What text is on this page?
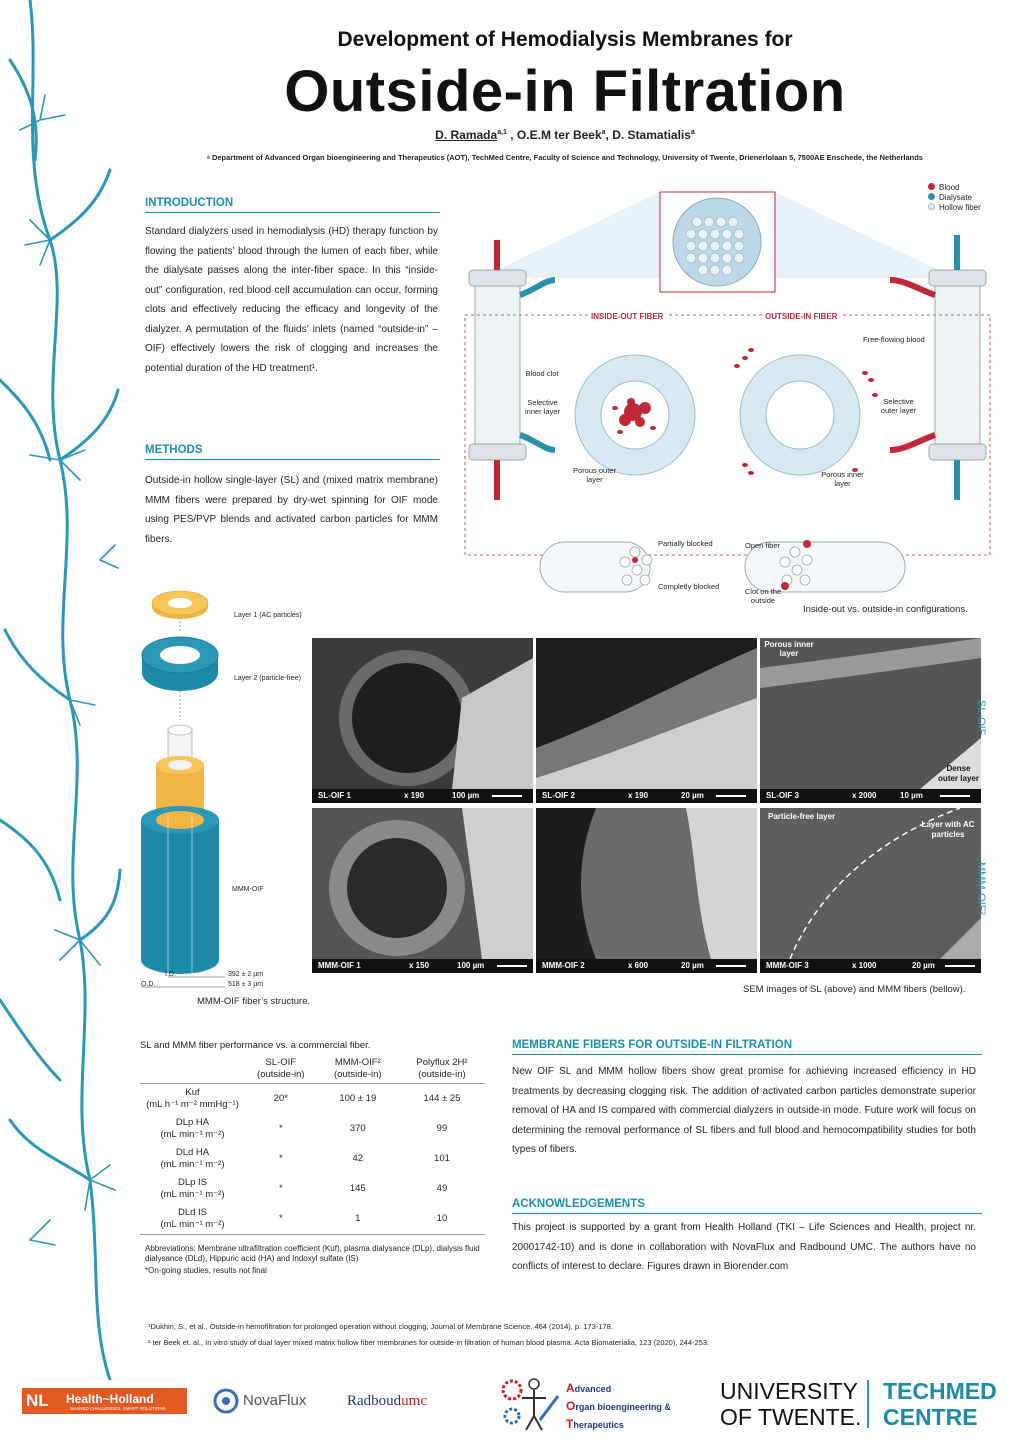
Development of Hemodialysis Membranes for
Outside-in Filtration
D. Ramada$^{a,1}$ , O.E.M ter Beek$^a$, D. Stamatialis$^a$
ᵃ Department of Advanced Organ bioengineering and Therapeutics (AOT), TechMed Centre, Faculty of Science and Technology, University of Twente, Drienerlolaan 5, 7500AE Enschede, the Netherlands
INTRODUCTION
Standard dialyzers used in hemodialysis (HD) therapy function by flowing the patients’ blood through the lumen of each fiber, while the dialysate passes along the inter-fiber space. In this “inside-out” configuration, red blood cell accumulation can occur, forming clots and effectively reducing the efficacy and longevity of the dialyzer. A permutation of the fluids’ inlets (named “outside-in” –OIF) effectively lowers the risk of clogging and increases the potential duration of the HD treatment¹.
METHODS
Outside-in hollow single-layer (SL) and (mixed matrix membrane) MMM fibers were prepared by dry-wet spinning for OIF mode using PES/PVP blends and activated carbon particles for MMM fibers.
Blood
Dialysate
Hollow fiber
INSIDE-OUT FIBER	OUTSIDE-IN FIBER
Blood clot
Selective inner layer
Porous outer layer
Free-flowing blood
Selective outer layer
Porous inner layer
Partially blocked
Completly blocked
Open fiber
Clot on the outside
Inside-out vs. outside-in configurations.
Layer 1 (AC particles)
Layer 2 (particle-free)
MMM-OIF
I.D.
O.D.
392 ± 2 µm
518 ± 3 µm
MMM-OIF fiber’s structure.
SL-OIF 1	x 190	100 µm	SL-OIF 2	x 190	20 µm	SL-OIF 3	x 2000	10 µm
Porous inner layer
Dense outer layer
MMM-OIF 1	x 150	100 µm	MMM-OIF 2	x 600	20 µm	MMM-OIF 3	x 1000	20 µm
Particle-free layer
Layer with AC particles
SL-OIF
MMM-OIF²
SEM images of SL (above) and MMM fibers (bellow).
SL and MMM fiber performance vs. a commercial fiber.
	SL-OIF (outside-in)	MMM-OIF² (outside-in)	Polyflux 2H² (outside-in)

Kuf
(mL h⁻¹ m⁻² mmHg⁻¹)	20*	100 ± 19	144 ± 25

DLp HA
(mL min⁻¹ m⁻²)	*	370	99

DLd HA
(mL min⁻¹ m⁻²)	*	42	101

DLp IS
(mL min⁻¹ m⁻²)	*	145	49

DLd IS
(mL min⁻¹ m⁻²)	*	1	10
Abbreviations: Membrane ultrafiltration coefficient (Kuf), plasma dialysance (DLp), dialysis fluid dialysance (DLd), Hippuric acid (HA) and Indoxyl sulfate (IS)
*On-going studies, results not final
MEMBRANE FIBERS FOR OUTSIDE-IN FILTRATION
New OIF SL and MMM hollow fibers show great promise for achieving increased efficiency in HD treatments by decreasing clogging risk. The addition of activated carbon particles demonstrate superior removal of HA and IS compared with commercial dialyzers in outside-in mode. Future work will focus on determining the removal performance of SL fibers and full blood and hemocompatibility studies for both types of fibers.
ACKNOWLEDGEMENTS
This project is supported by a grant from Health Holland (TKI – Life Sciences and Health, project nr. 20001742-10) and is done in collaboration with NovaFlux and Radbound UMC. The authors have no conflicts of interest to declare. Figures drawn in Biorender.com
¹Dukhin, S., et al., Outside-in hemofiltration for prolonged operation without clogging, Journal of Membrane Science, 464 (2014), p. 173-178.
² ter Beek et. al., In vitro study of dual layer mixed matrix hollow fiber membranes for outside-in filtration of human blood plasma. Acta Biomaterialia, 123 (2020), 244-253.
NL Health~Holland
SHARED CHALLENGES, SMART SOLUTIONS	NovaFlux	Radboudumc
Advanced
Organ bioengineering &
Therapeutics
UNIVERSITY
OF TWENTE.
TECHMED
CENTRE
